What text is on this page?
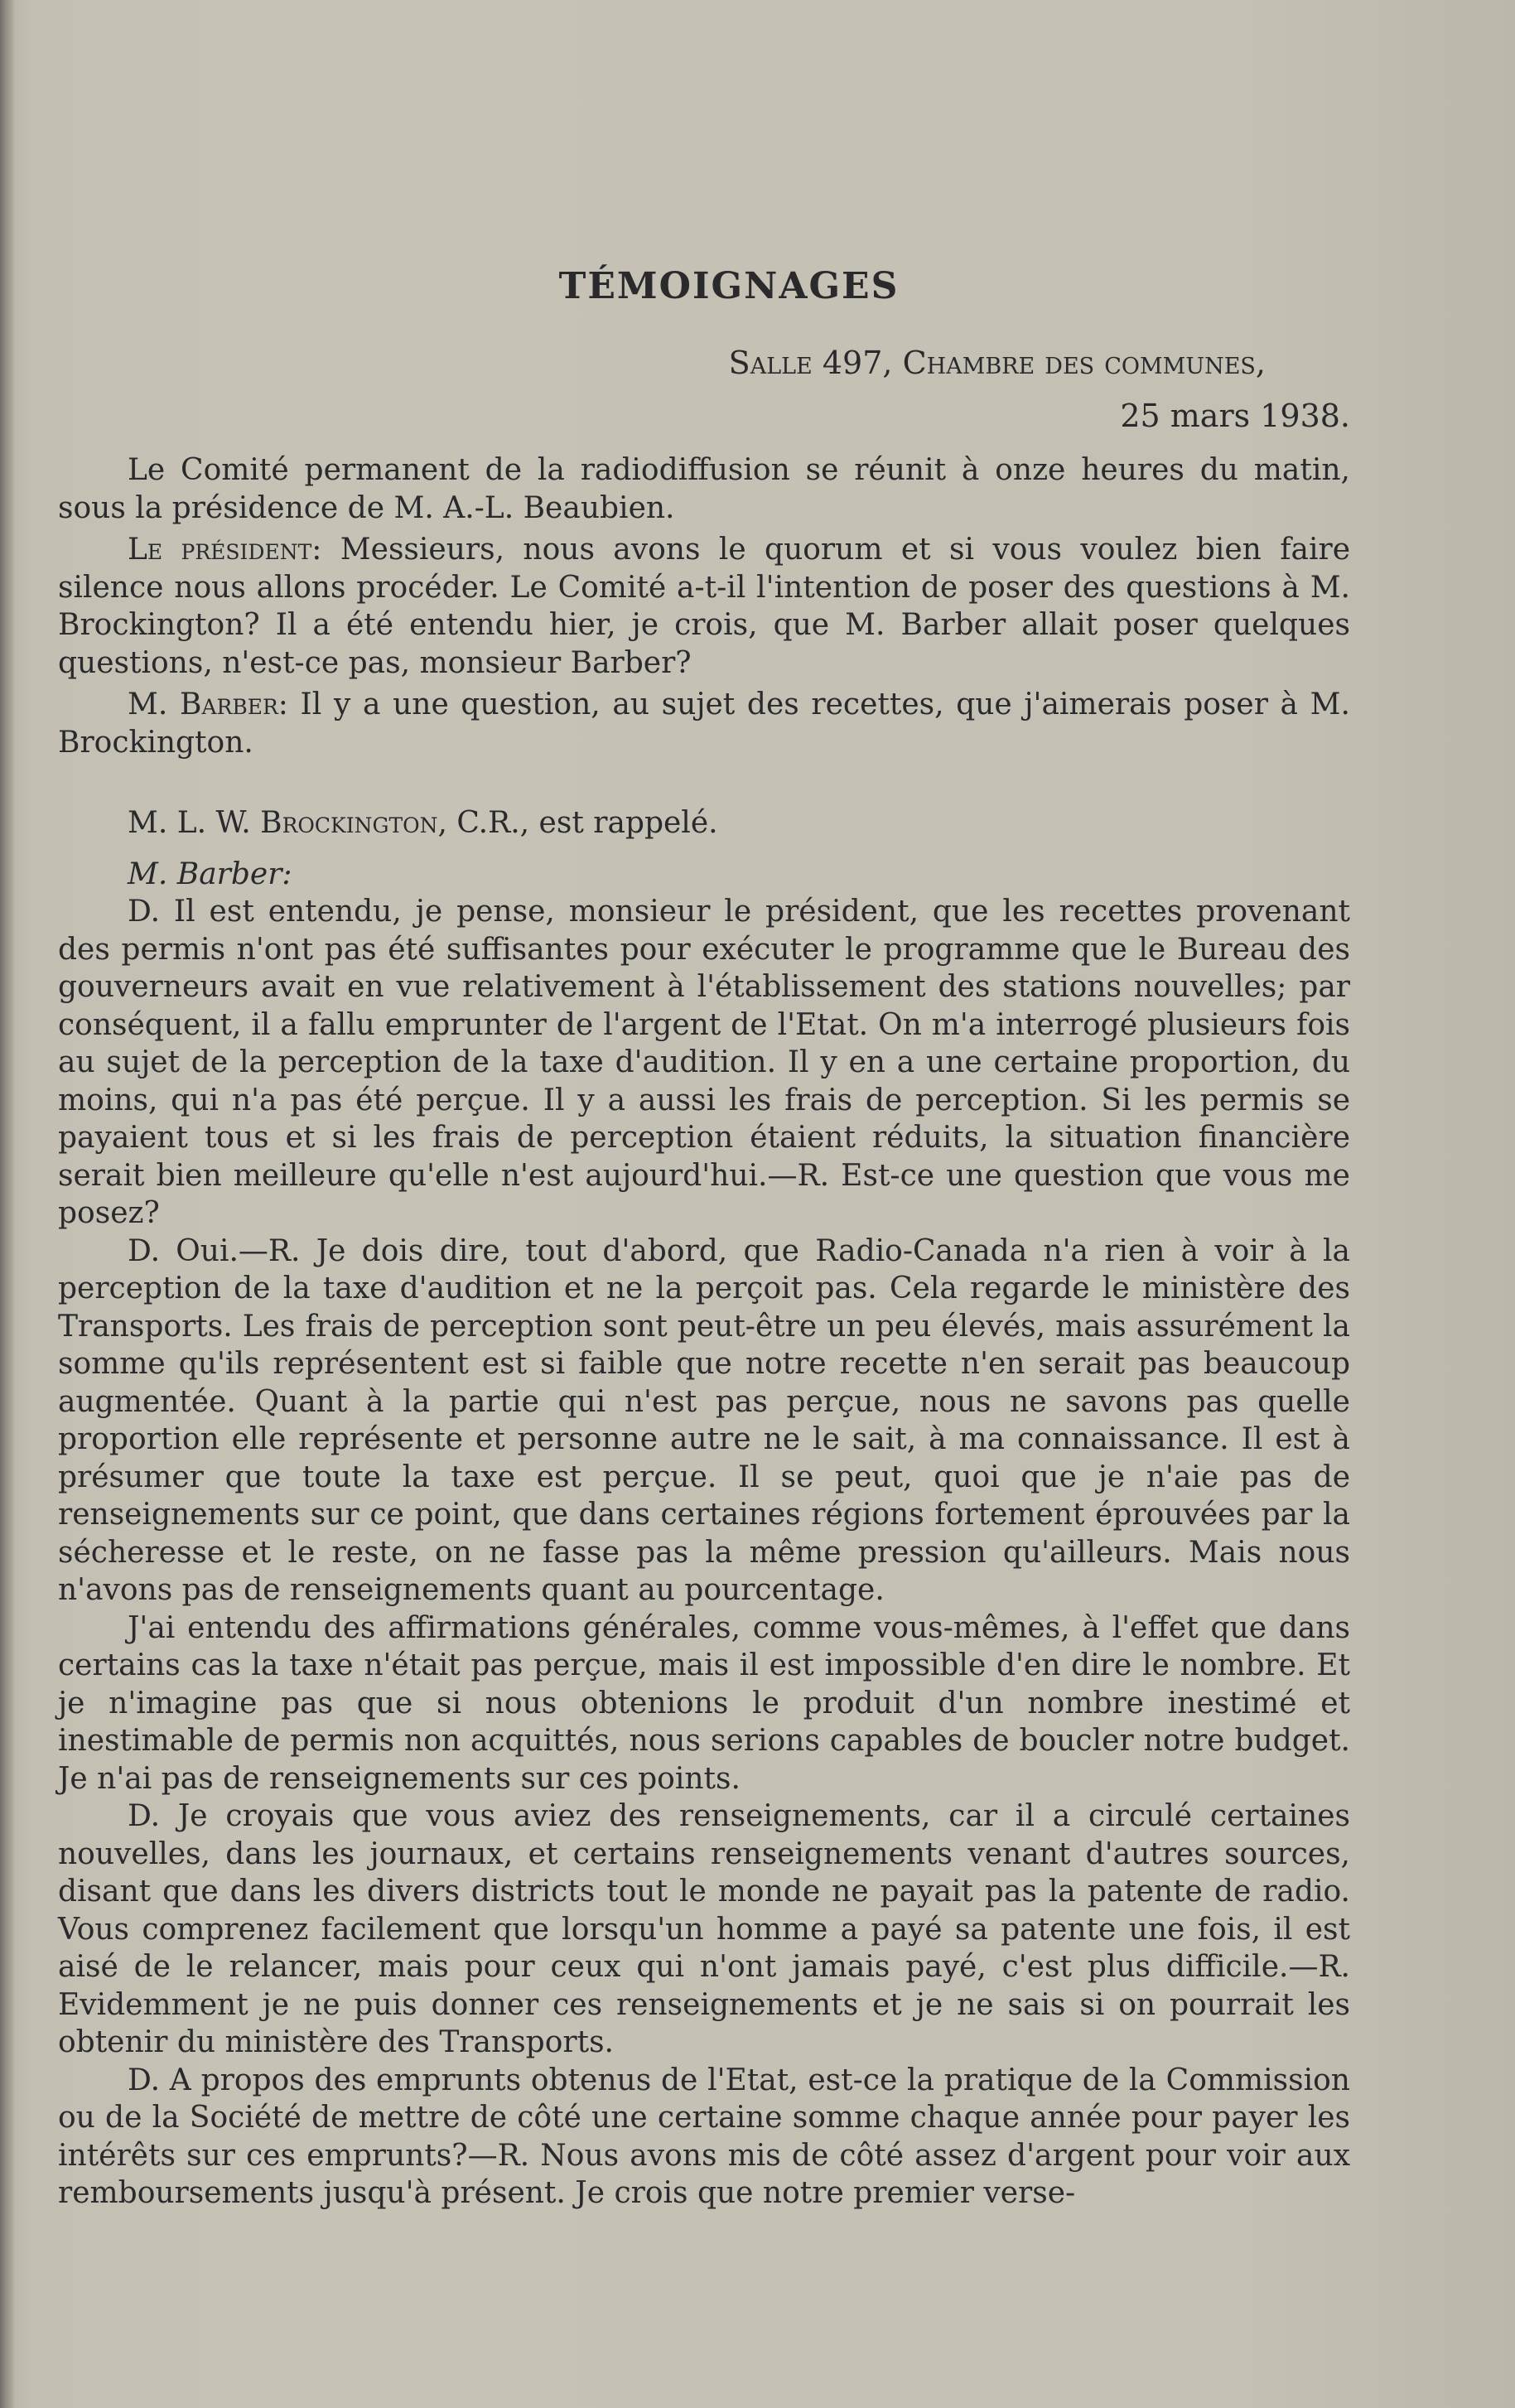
TÉMOIGNAGES
Salle 497, Chambre des communes,
25 mars 1938.

Le Comité permanent de la radiodiffusion se réunit à onze heures du matin, sous la présidence de M. A.-L. Beaubien.

Le président: Messieurs, nous avons le quorum et si vous voulez bien faire silence nous allons procéder. Le Comité a-t-il l'intention de poser des questions à M. Brockington? Il a été entendu hier, je crois, que M. Barber allait poser quelques questions, n'est-ce pas, monsieur Barber?

M. Barber: Il y a une question, au sujet des recettes, que j'aimerais poser à M. Brockington.

M. L. W. Brockington, C.R., est rappelé.

M. Barber:

D. Il est entendu, je pense, monsieur le président, que les recettes provenant des permis n'ont pas été suffisantes pour exécuter le programme que le Bureau des gouverneurs avait en vue relativement à l'établissement des stations nouvelles; par conséquent, il a fallu emprunter de l'argent de l'Etat. On m'a interrogé plusieurs fois au sujet de la perception de la taxe d'audition. Il y en a une certaine proportion, du moins, qui n'a pas été perçue. Il y a aussi les frais de perception. Si les permis se payaient tous et si les frais de perception étaient réduits, la situation financière serait bien meilleure qu'elle n'est aujourd'hui.—R. Est-ce une question que vous me posez?

D. Oui.—R. Je dois dire, tout d'abord, que Radio-Canada n'a rien à voir à la perception de la taxe d'audition et ne la perçoit pas. Cela regarde le ministère des Transports. Les frais de perception sont peut-être un peu élevés, mais assurément la somme qu'ils représentent est si faible que notre recette n'en serait pas beaucoup augmentée. Quant à la partie qui n'est pas perçue, nous ne savons pas quelle proportion elle représente et personne autre ne le sait, à ma connaissance. Il est à présumer que toute la taxe est perçue. Il se peut, quoi que je n'aie pas de renseignements sur ce point, que dans certaines régions fortement éprouvées par la sécheresse et le reste, on ne fasse pas la même pression qu'ailleurs. Mais nous n'avons pas de renseignements quant au pourcentage.

J'ai entendu des affirmations générales, comme vous-mêmes, à l'effet que dans certains cas la taxe n'était pas perçue, mais il est impossible d'en dire le nombre. Et je n'imagine pas que si nous obtenions le produit d'un nombre inestimé et inestimable de permis non acquittés, nous serions capables de boucler notre budget. Je n'ai pas de renseignements sur ces points.

D. Je croyais que vous aviez des renseignements, car il a circulé certaines nouvelles, dans les journaux, et certains renseignements venant d'autres sources, disant que dans les divers districts tout le monde ne payait pas la patente de radio. Vous comprenez facilement que lorsqu'un homme a payé sa patente une fois, il est aisé de le relancer, mais pour ceux qui n'ont jamais payé, c'est plus difficile.—R. Evidemment je ne puis donner ces renseignements et je ne sais si on pourrait les obtenir du ministère des Transports.

D. A propos des emprunts obtenus de l'Etat, est-ce la pratique de la Commission ou de la Société de mettre de côté une certaine somme chaque année pour payer les intérêts sur ces emprunts?—R. Nous avons mis de côté assez d'argent pour voir aux remboursements jusqu'à présent. Je crois que notre premier verse-
